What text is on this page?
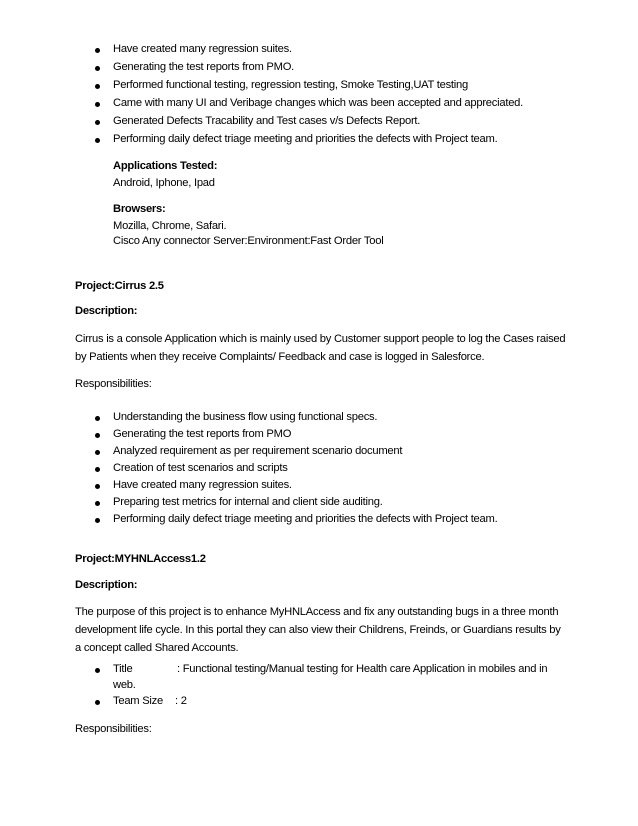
Have created many regression suites.
Generating the test reports from PMO.
Performed functional testing, regression testing, Smoke Testing,UAT testing
Came with many UI and Veribage changes which was been accepted and appreciated.
Generated Defects Tracability and Test cases v/s Defects Report.
Performing daily defect triage meeting and priorities the defects with Project team.
Applications Tested:
Android, Iphone, Ipad
Browsers:
Mozilla, Chrome, Safari.
Cisco Any connector Server:Environment:Fast Order Tool
Project:Cirrus 2.5
Description:
Cirrus is a console Application which is mainly used by Customer support people to log the Cases raised
by Patients when they receive Complaints/ Feedback and case is logged in Salesforce.
Responsibilities:
Understanding the business flow using functional specs.
Generating the test reports from PMO
Analyzed requirement as per requirement scenario document
Creation of test scenarios and scripts
Have created many regression suites.
Preparing test metrics for internal and client side auditing.
Performing daily defect triage meeting and priorities the defects with Project team.
Project:MYHNLAccess1.2
Description:
The purpose of this project is to enhance MyHNLAccess and fix any outstanding bugs in a three month
development life cycle. In this portal they can also view their Childrens, Freinds, or Guardians results by
a concept called Shared Accounts.
Title	: Functional testing/Manual testing for Health care Application in mobiles and in
web.
Team Size : 2
Responsibilities:
